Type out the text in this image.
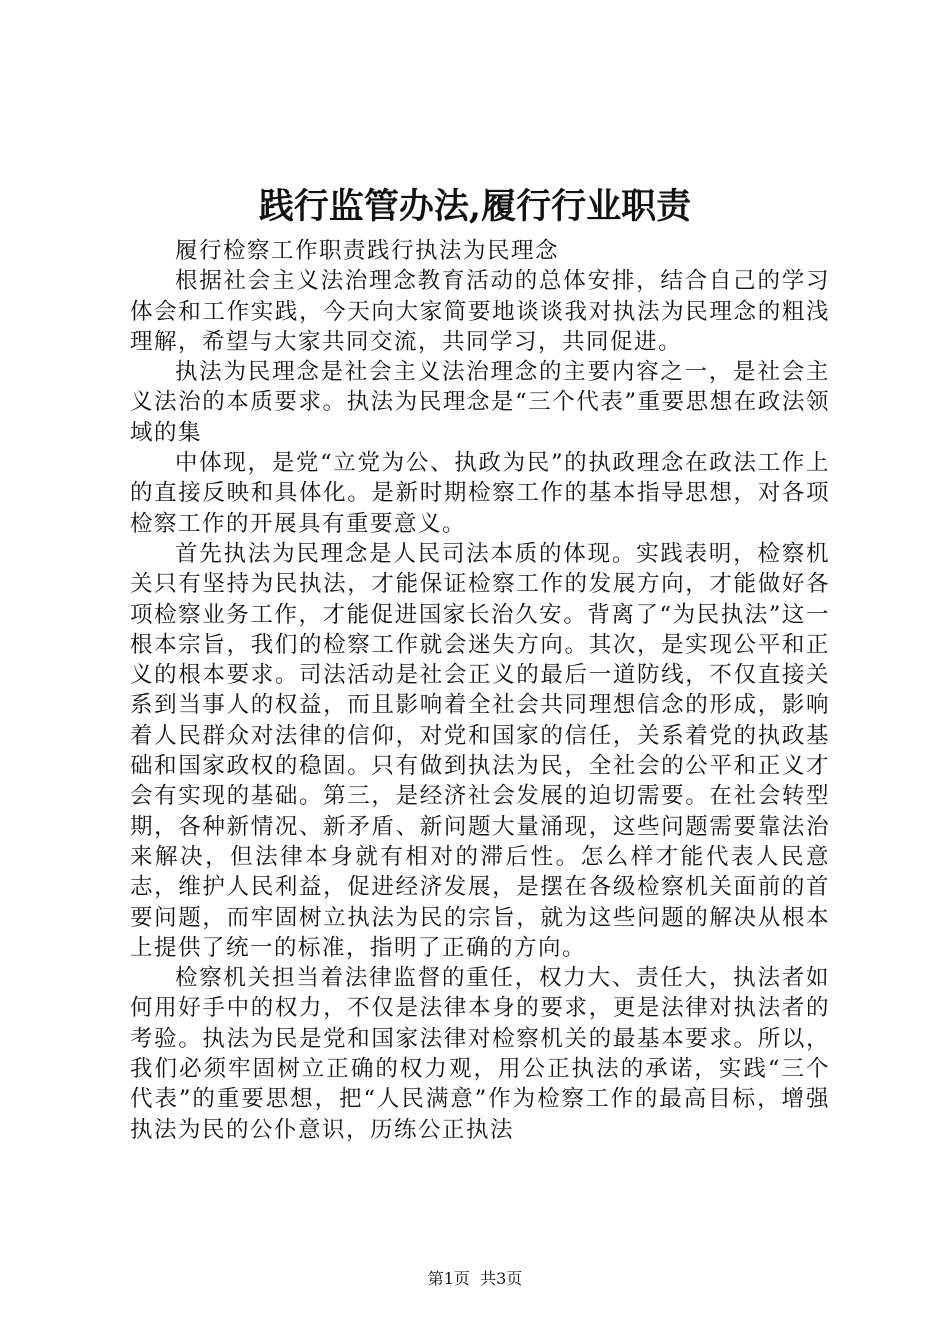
践行监管办法,履行行业职责

履行检察工作职责践行执法为民理念

根据社会主义法治理念教育活动的总体安排，结合自己的学习体会和工作实践，今天向大家简要地谈谈我对执法为民理念的粗浅理解，希望与大家共同交流，共同学习，共同促进。

执法为民理念是社会主义法治理念的主要内容之一，是社会主义法治的本质要求。执法为民理念是“三个代表”重要思想在政法领域的集

中体现，是党“立党为公、执政为民”的执政理念在政法工作上的直接反映和具体化。是新时期检察工作的基本指导思想，对各项检察工作的开展具有重要意义。

首先执法为民理念是人民司法本质的体现。实践表明，检察机关只有坚持为民执法，才能保证检察工作的发展方向，才能做好各项检察业务工作，才能促进国家长治久安。背离了“为民执法”这一根本宗旨，我们的检察工作就会迷失方向。其次，是实现公平和正义的根本要求。司法活动是社会正义的最后一道防线，不仅直接关系到当事人的权益，而且影响着全社会共同理想信念的形成，影响着人民群众对法律的信仰，对党和国家的信任，关系着党的执政基础和国家政权的稳固。只有做到执法为民，全社会的公平和正义才会有实现的基础。第三，是经济社会发展的迫切需要。在社会转型期，各种新情况、新矛盾、新问题大量涌现，这些问题需要靠法治来解决，但法律本身就有相对的滞后性。怎么样才能代表人民意志，维护人民利益，促进经济发展，是摆在各级检察机关面前的首要问题，而牢固树立执法为民的宗旨，就为这些问题的解决从根本上提供了统一的标准，指明了正确的方向。

检察机关担当着法律监督的重任，权力大、责任大，执法者如何用好手中的权力，不仅是法律本身的要求，更是法律对执法者的考验。执法为民是党和国家法律对检察机关的最基本要求。所以，我们必须牢固树立正确的权力观，用公正执法的承诺，实践“三个代表”的重要思想，把“人民满意”作为检察工作的最高目标，增强执法为民的公仆意识，历练公正执法

第1页 共3页
